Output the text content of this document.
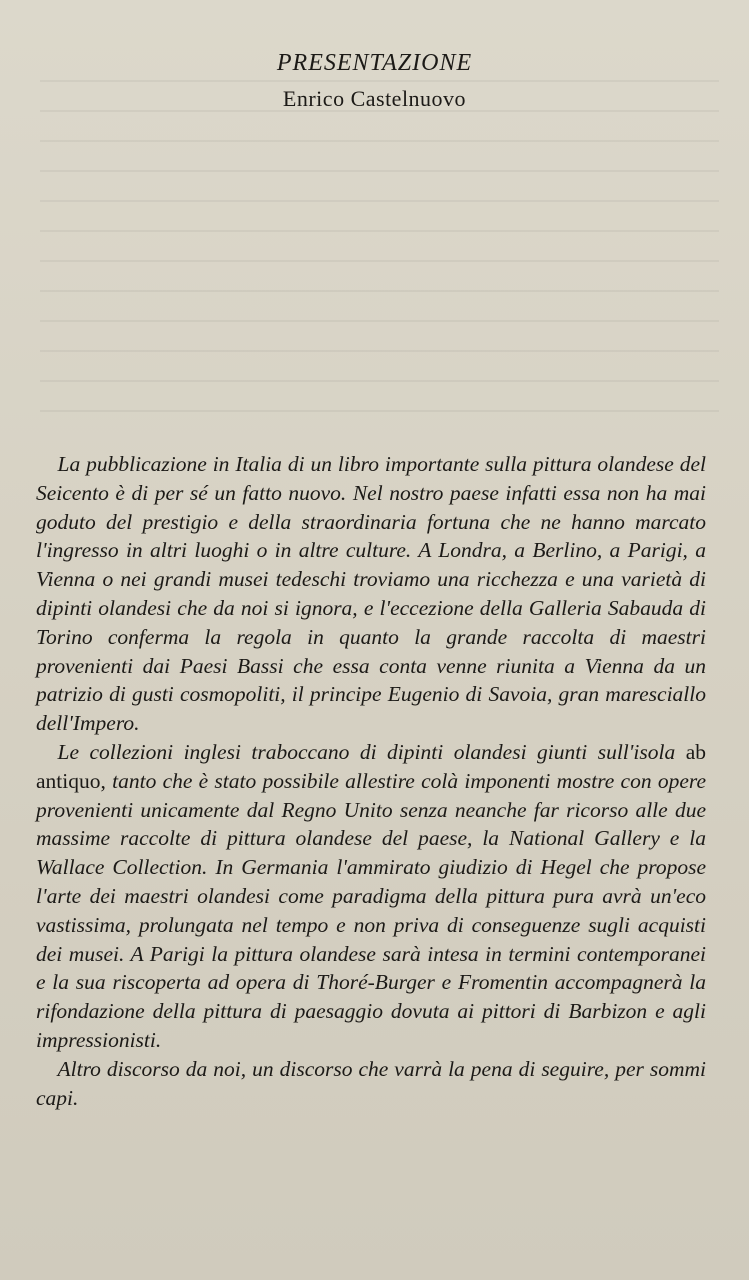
PRESENTAZIONE
Enrico Castelnuovo

 La pubblicazione in Italia di un libro importante sulla pittura olandese del Seicento è di per sé un fatto nuovo. Nel nostro paese infatti essa non ha mai goduto del prestigio e della straordinaria fortuna che ne hanno marcato l'ingresso in altri luoghi o in altre culture. A Londra, a Berlino, a Parigi, a Vienna o nei grandi musei tedeschi troviamo una ricchezza e una varietà di dipinti olandesi che da noi si ignora, e l'eccezione della Galleria Sabauda di Torino conferma la regola in quanto la grande raccolta di maestri provenienti dai Paesi Bassi che essa conta venne riunita a Vienna da un patrizio di gusti cosmopoliti, il principe Eugenio di Savoia, gran maresciallo dell'Impero.

 Le collezioni inglesi traboccano di dipinti olandesi giunti sull'isola ab antiquo, tanto che è stato possibile allestire colà imponenti mostre con opere provenienti unicamente dal Regno Unito senza neanche far ricorso alle due massime raccolte di pittura olandese del paese, la National Gallery e la Wallace Collection. In Germania l'ammirato giudizio di Hegel che propose l'arte dei maestri olandesi come paradigma della pittura pura avrà un'eco vastissima, prolungata nel tempo e non priva di conseguenze sugli acquisti dei musei. A Parigi la pittura olandese sarà intesa in termini contemporanei e la sua riscoperta ad opera di Thoré-Burger e Fromentin accompagnerà la rifondazione della pittura di paesaggio dovuta ai pittori di Barbizon e agli impressionisti.

 Altro discorso da noi, un discorso che varrà la pena di seguire, per sommi capi.
